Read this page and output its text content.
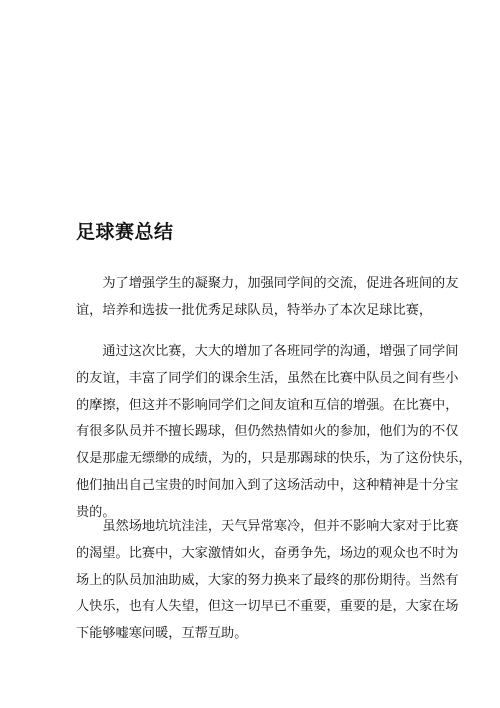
足球赛总结
　　为了增强学生的凝聚力，加强同学间的交流，促进各班间的友
谊，培养和选拔一批优秀足球队员，特举办了本次足球比赛，
　　通过这次比赛，大大的增加了各班同学的沟通，增强了同学间
的友谊，丰富了同学们的课余生活，虽然在比赛中队员之间有些小
的摩擦，但这并不影响同学们之间友谊和互信的增强。在比赛中，
有很多队员并不擅长踢球，但仍然热情如火的参加，他们为的不仅
仅是那虚无缥缈的成绩，为的，只是那踢球的快乐，为了这份快乐，
他们抽出自己宝贵的时间加入到了这场活动中，这种精神是十分宝
贵的。
　　虽然场地坑坑洼洼，天气异常寒冷，但并不影响大家对于比赛
的渴望。比赛中，大家激情如火，奋勇争先，场边的观众也不时为
场上的队员加油助威，大家的努力换来了最终的那份期待。当然有
人快乐，也有人失望，但这一切早已不重要，重要的是，大家在场
下能够嘘寒问暖，互帮互助。
